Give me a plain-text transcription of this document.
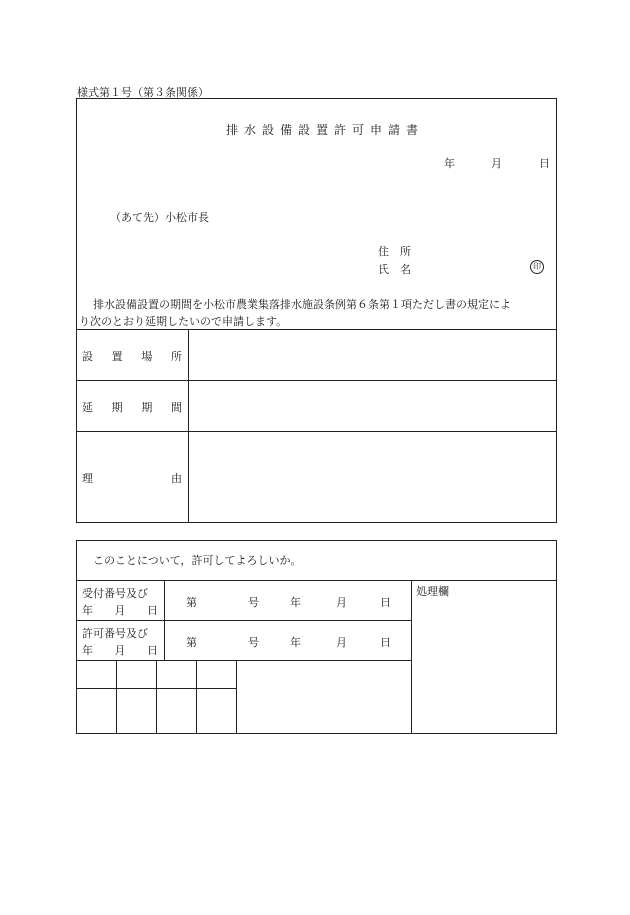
様式第１号（第３条関係）
排水設備設置許可申請書
年	月	日
（あて先）小松市長
住　所
氏　名	印
排水設備設置の期間を小松市農業集落排水施設条例第６条第１項ただし書の規定によ
り次のとおり延期したいので申請します。
設 置 場 所
延 期 期 間
理	由
このことについて，許可してよろしいか。
処理欄
受付番号及び
年 月 日
第	号	年	月	日
許可番号及び
年 月 日
第	号	年	月	日
